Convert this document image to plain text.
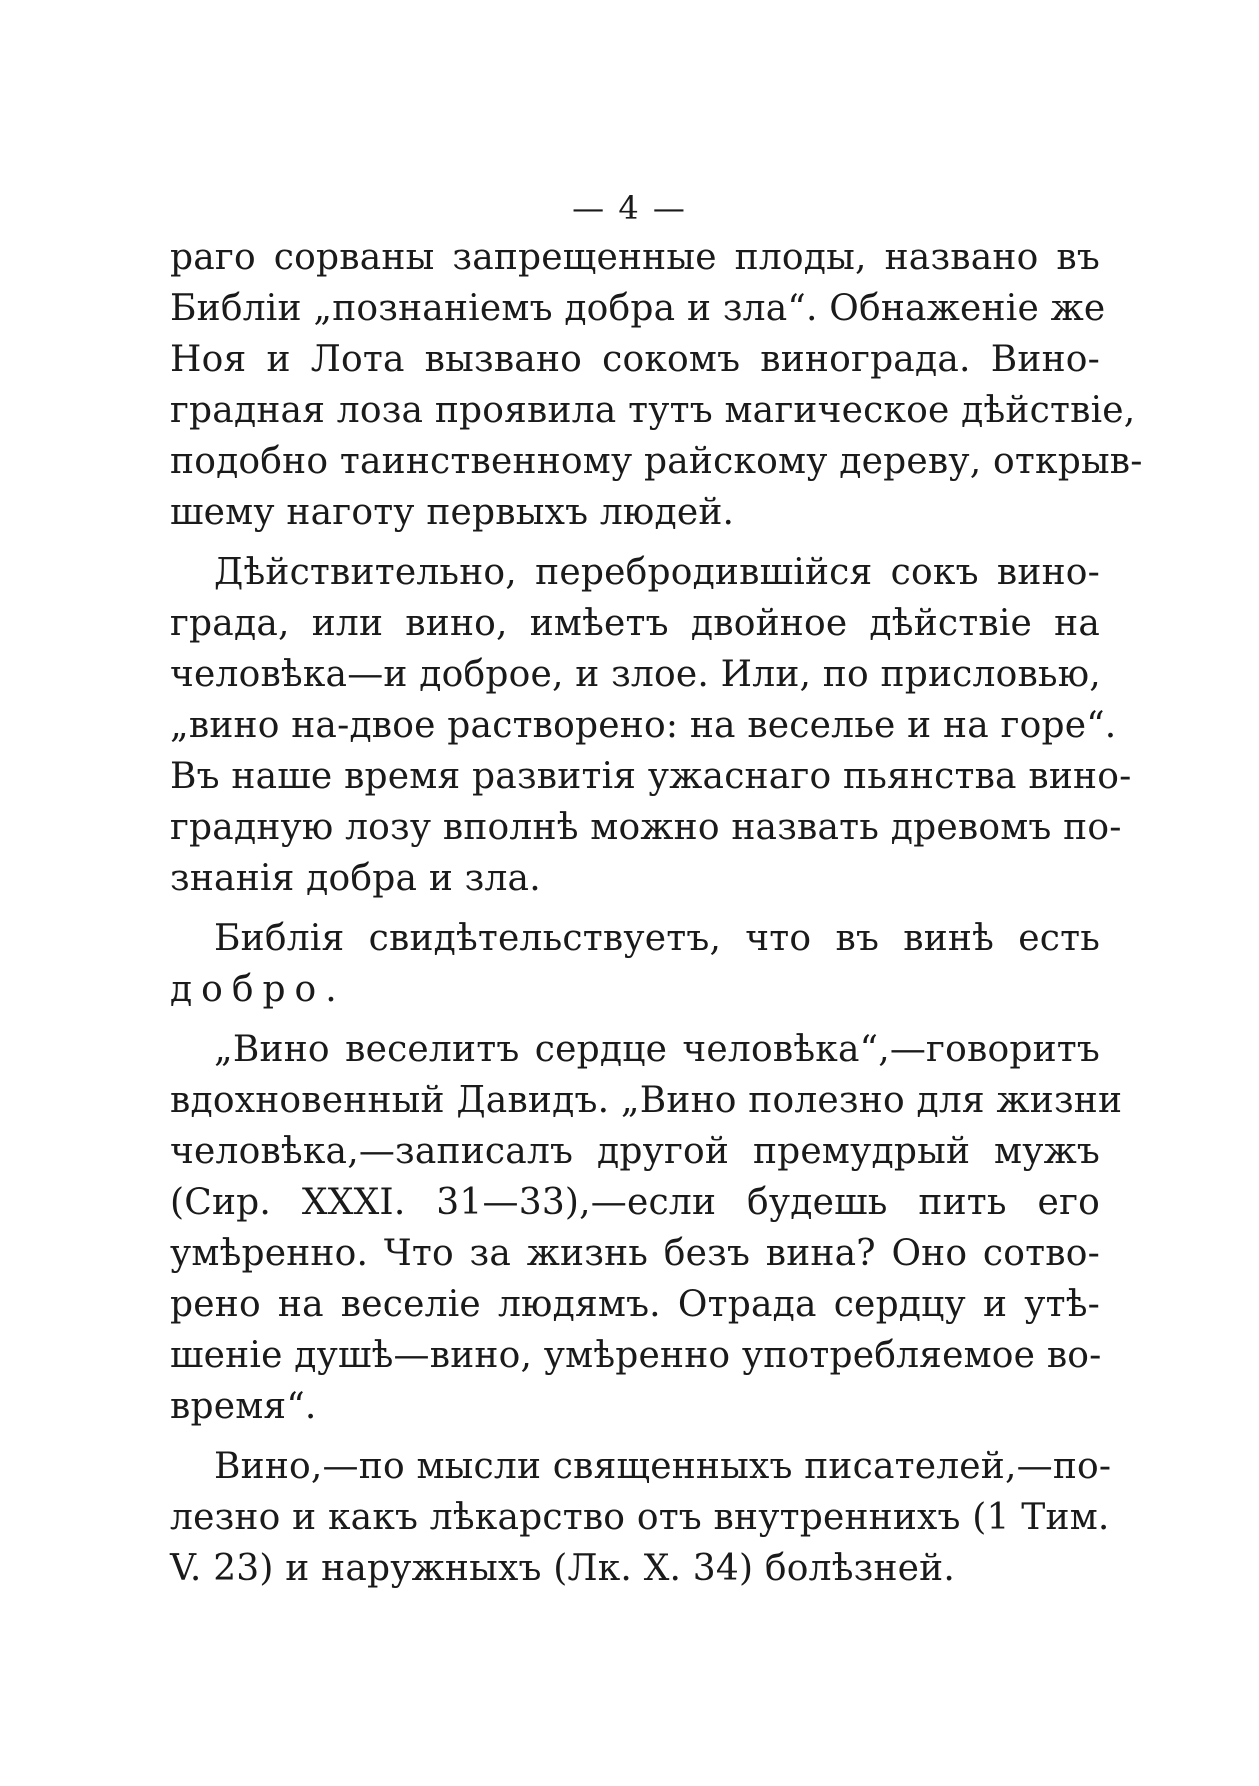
— 4 —
раго сорваны запрещенные плоды, названо въ
Библіи „познаніемъ добра и зла“. Обнаженіе же
Ноя и Лота вызвано сокомъ винограда. Вино-
градная лоза проявила тутъ магическое дѣйствіе,
подобно таинственному райскому дереву, открыв-
шему наготу первыхъ людей.
Дѣйствительно, перебродившійся сокъ вино-
града, или вино, имѣетъ двойное дѣйствіе на
человѣка—и доброе, и злое. Или, по присловью,
„вино на-двое растворено: на веселье и на горе“.
Въ наше время развитія ужаснаго пьянства вино-
градную лозу вполнѣ можно назвать древомъ по-
знанія добра и зла.
Библія свидѣтельствуетъ, что въ винѣ есть
добро.
„Вино веселитъ сердце человѣка“,—говоритъ
вдохновенный Давидъ. „Вино полезно для жизни
человѣка,—записалъ другой премудрый мужъ
(Сир. XXXI. 31—33),—если будешь пить его
умѣренно. Что за жизнь безъ вина? Оно сотво-
рено на веселіе людямъ. Отрада сердцу и утѣ-
шеніе душѣ—вино, умѣренно употребляемое во-
время“.
Вино,—по мысли священныхъ писателей,—по-
лезно и какъ лѣкарство отъ внутреннихъ (1 Тим.
V. 23) и наружныхъ (Лк. X. 34) болѣзней.
